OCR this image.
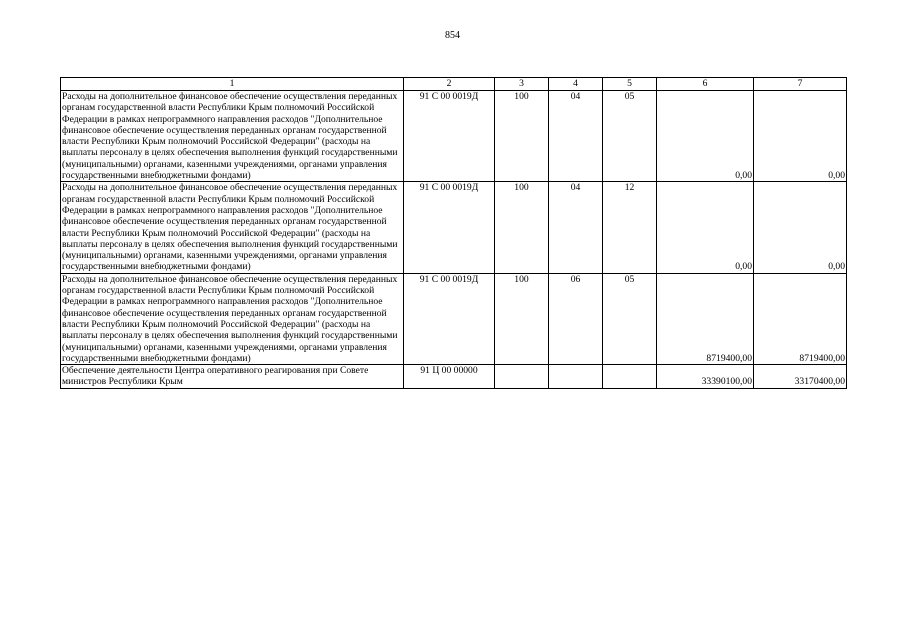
854
1	2	3	4	5	6	7
Расходы на дополнительное финансовое обеспечение осуществления переданных органам государственной власти Республики Крым полномочий Российской Федерации в рамках непрограммного направления расходов "Дополнительное финансовое обеспечение осуществления переданных органам государственной власти Республики Крым полномочий Российской Федерации" (расходы на выплаты персоналу в целях обеспечения выполнения функций государственными (муниципальными) органами, казенными учреждениями, органами управления государственными внебюджетными фондами)	91 С 00 0019Д	100	04	05	0,00	0,00
Расходы на дополнительное финансовое обеспечение осуществления переданных органам государственной власти Республики Крым полномочий Российской Федерации в рамках непрограммного направления расходов "Дополнительное финансовое обеспечение осуществления переданных органам государственной власти Республики Крым полномочий Российской Федерации" (расходы на выплаты персоналу в целях обеспечения выполнения функций государственными (муниципальными) органами, казенными учреждениями, органами управления государственными внебюджетными фондами)	91 С 00 0019Д	100	04	12	0,00	0,00
Расходы на дополнительное финансовое обеспечение осуществления переданных органам государственной власти Республики Крым полномочий Российской Федерации в рамках непрограммного направления расходов "Дополнительное финансовое обеспечение осуществления переданных органам государственной власти Республики Крым полномочий Российской Федерации" (расходы на выплаты персоналу в целях обеспечения выполнения функций государственными (муниципальными) органами, казенными учреждениями, органами управления государственными внебюджетными фондами)	91 С 00 0019Д	100	06	05	8719400,00	8719400,00
Обеспечение деятельности Центра оперативного реагирования при Совете министров Республики Крым	91 Ц 00 00000				33390100,00	33170400,00
